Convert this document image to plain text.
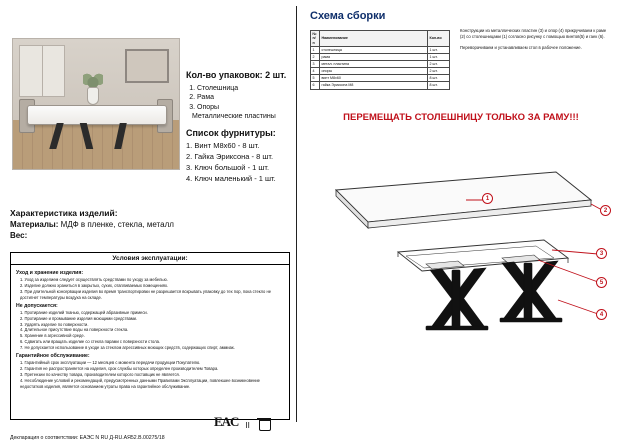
Кол-во упаковок: 2 шт.
1. Столешница
2. Рама
3. Опоры
Металлические пластины
Список фурнитуры:
1. Винт М8х60 - 8 шт.
2. Гайка Эриксона - 8 шт.
3. Ключ большой - 1 шт.
4. Ключ маленький - 1 шт.
Характеристика изделий:
Материалы: МДФ в пленке, стекла, металл
Вес:
Условия эксплуатации:
Уход и хранение изделия:
1. Уход за изделием следует осуществлять средствами по уходу за мебелью.
2. Изделие должно храниться в закрытых, сухих, отапливаемых помещениях.
3. При длительной консервации изделия во время транспортировки не разрешается вскрывать упаковку до тех пор, пока стекло не достигнет температуры воздуха на складе.
Не допускается:
1. Протирание изделий тканью, содержащей абразивные примеси.
2. Протирание и промывание изделия моющими средствами.
3. Ударять изделие по поверхности.
4. Длительное присутствие воды на поверхности стекла.
5. Хранение в агрессивной среде.
6. Сдвигать или вращать изделие со стекла парами с поверхности стола.
7. Не допускается использование в уходе за стеклом агрессивных моющих средств, содержащих спирт, аммиак.
Гарантийное обслуживание:
1. Гарантийный срок эксплуатации — 12 месяцев с момента передачи продукции Покупателю.
2. Гарантия не распространяется на изделия, срок службы которых определен производителем Товара.
3. Претензии по качеству товара, производителем которого поставщик не является.
4. Несоблюдение условий и рекомендаций, предусмотренных данными Правилами Эксплуатации, повлекшее возникновение недостатков изделия, является основанием утраты права на гарантийное обслуживание.
Декларация о соответствии: ЕАЭС N RU Д-RU.АЯ52.В.00275/18
EAC II
Схема сборки
№ п/п	Наименование	Кол-во
1	столешница	1 шт.
2	рама	1 шт.
3	метал. пластина	2 шт.
4	опоры	2 шт.
5	винт М8х60	8 шт.
6	гайка Эриксона М8	8 шт.

Конструкции из металлических пластин (3) и опор (4) прикручиваем к раме (2) со столешницами (1) согласно рисунку с помощью винтов(5) и гаек (6).

Переворачиваем и устанавливаем стол в рабочее положение.

ПЕРЕМЕЩАТЬ СТОЛЕШНИЦУ ТОЛЬКО ЗА РАМУ!!!
1
2
3
5
4
